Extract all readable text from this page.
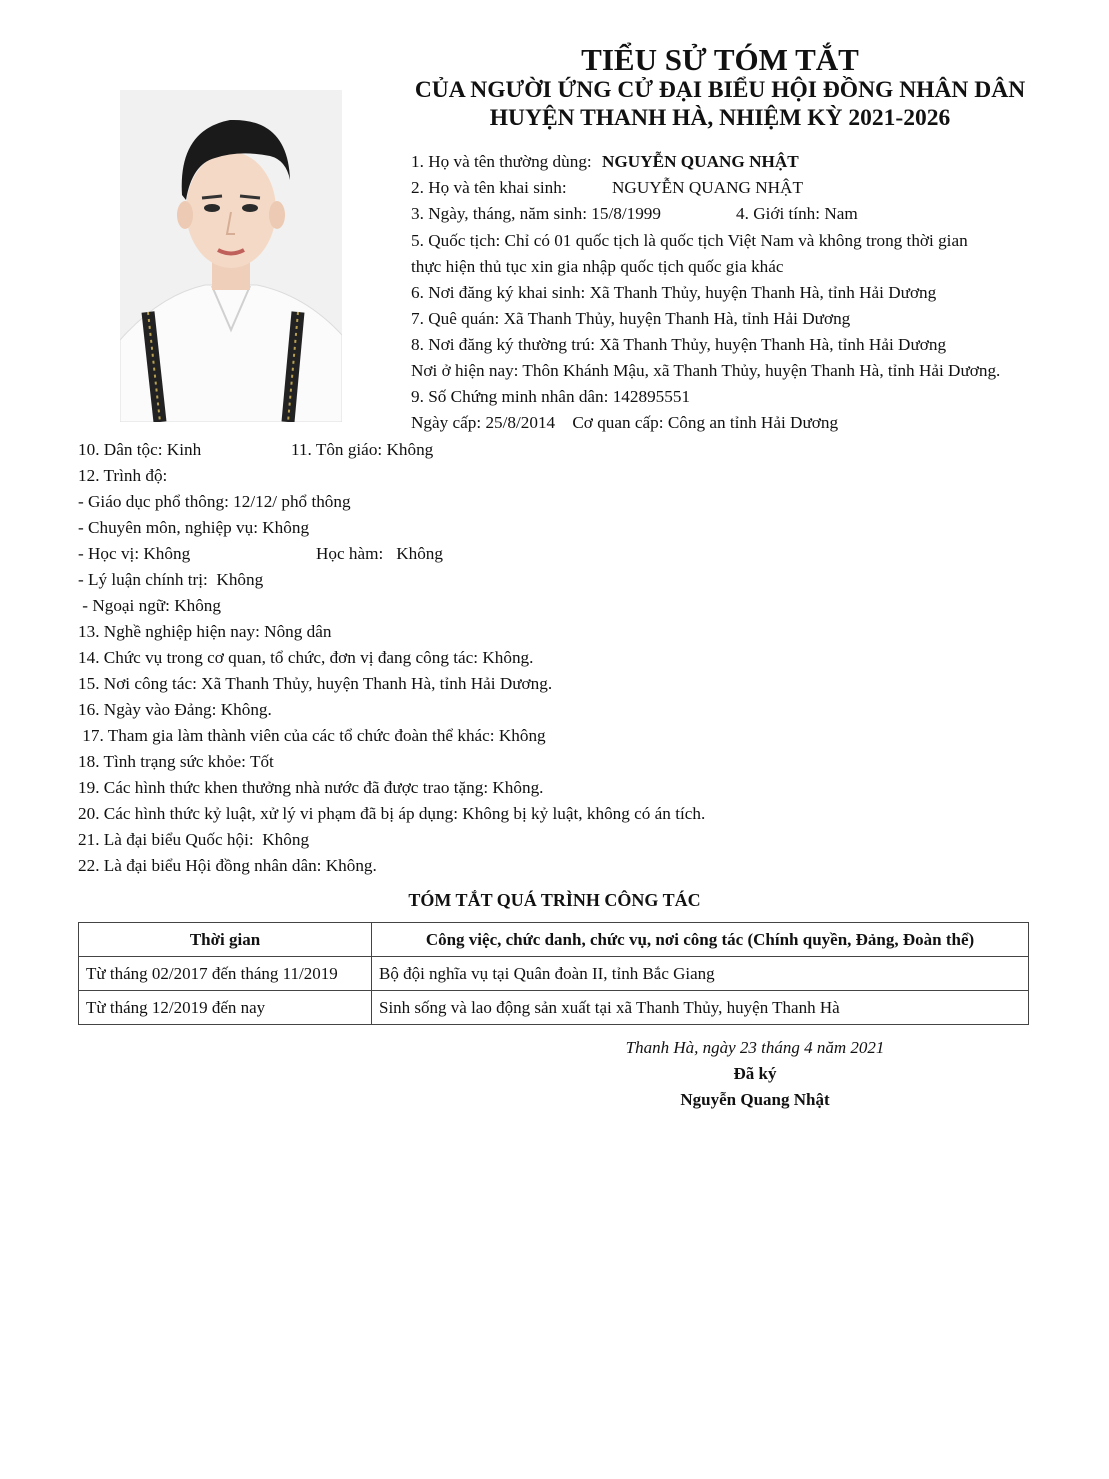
TIỂU SỬ TÓM TẮT
CỦA NGƯỜI ỨNG CỬ ĐẠI BIỂU HỘI ĐỒNG NHÂN DÂN
HUYỆN THANH HÀ, NHIỆM KỲ 2021-2026
1. Họ và tên thường dùng: NGUYỄN QUANG NHẬT
2. Họ và tên khai sinh:	NGUYỄN QUANG NHẬT
3. Ngày, tháng, năm sinh: 15/8/1999	4. Giới tính: Nam
5. Quốc tịch: Chỉ có 01 quốc tịch là quốc tịch Việt Nam và không trong thời gian
thực hiện thủ tục xin gia nhập quốc tịch quốc gia khác
6. Nơi đăng ký khai sinh: Xã Thanh Thủy, huyện Thanh Hà, tỉnh Hải Dương
7. Quê quán: Xã Thanh Thủy, huyện Thanh Hà, tỉnh Hải Dương
8. Nơi đăng ký thường trú: Xã Thanh Thủy, huyện Thanh Hà, tỉnh Hải Dương
Nơi ở hiện nay: Thôn Khánh Mậu, xã Thanh Thủy, huyện Thanh Hà, tỉnh Hải Dương.
9. Số Chứng minh nhân dân: 142895551
Ngày cấp: 25/8/2014    Cơ quan cấp: Công an tỉnh Hải Dương
10. Dân tộc: Kinh	11. Tôn giáo: Không
12. Trình độ:
- Giáo dục phổ thông: 12/12/ phổ thông
- Chuyên môn, nghiệp vụ: Không
- Học vị: Không	Học hàm:   Không
- Lý luận chính trị:  Không
- Ngoại ngữ: Không
13. Nghề nghiệp hiện nay: Nông dân
14. Chức vụ trong cơ quan, tổ chức, đơn vị đang công tác: Không.
15. Nơi công tác: Xã Thanh Thủy, huyện Thanh Hà, tỉnh Hải Dương.
16. Ngày vào Đảng: Không.
17. Tham gia làm thành viên của các tổ chức đoàn thể khác: Không
18. Tình trạng sức khỏe: Tốt
19. Các hình thức khen thưởng nhà nước đã được trao tặng: Không.
20. Các hình thức kỷ luật, xử lý vi phạm đã bị áp dụng: Không bị kỷ luật, không có án tích.
21. Là đại biểu Quốc hội:  Không
22. Là đại biểu Hội đồng nhân dân: Không.
TÓM TẮT QUÁ TRÌNH CÔNG TÁC
Thời gian	Công việc, chức danh, chức vụ, nơi công tác (Chính quyền, Đảng, Đoàn thể)
Từ tháng 02/2017 đến tháng 11/2019	Bộ đội nghĩa vụ tại Quân đoàn II, tỉnh Bắc Giang
Từ tháng 12/2019 đến nay	Sinh sống và lao động sản xuất tại xã Thanh Thủy, huyện Thanh Hà
Thanh Hà, ngày 23 tháng 4 năm 2021
Đã ký
Nguyễn Quang Nhật
